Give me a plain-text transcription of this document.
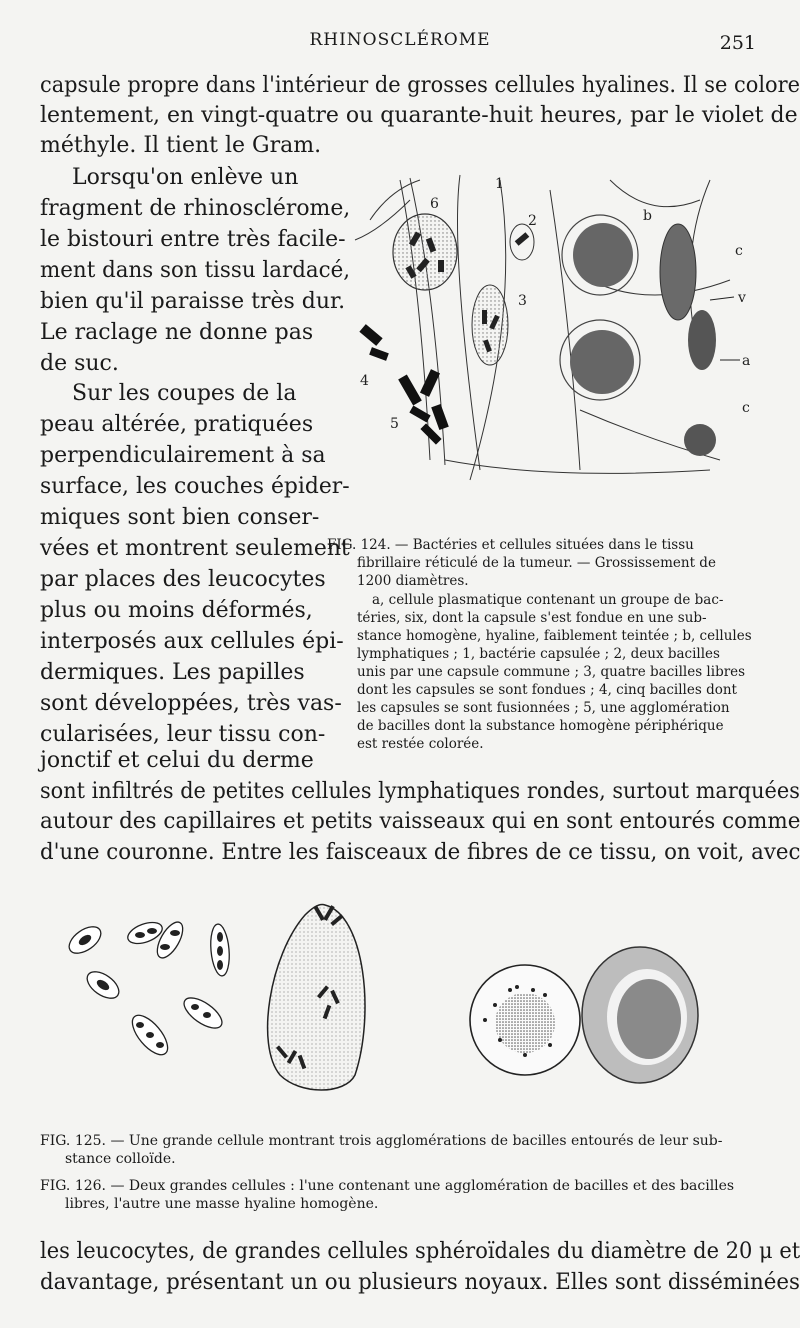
RHINOSCLÉROME	251

capsule propre dans l'intérieur de grosses cellules hyalines. Il se colore

lentement, en vingt-quatre ou quarante-huit heures, par le violet de

méthyle. Il tient le Gram.

Lorsqu'on enlève un

fragment de rhinosclérome,

le bistouri entre très facile-

ment dans son tissu lardacé,

bien qu'il paraisse très dur.

Le raclage ne donne pas

de suc.

Sur les coupes de la

peau altérée, pratiquées

perpendiculairement à sa

surface, les couches épider-

miques sont bien conser-

vées et montrent seulement

par places des leucocytes

plus ou moins déformés,

interposés aux cellules épi-

dermiques. Les papilles

sont développées, très vas-

cularisées, leur tissu con-

jonctif et celui du derme

6
1
2	b
3
4
5
c
v
a
c

FIG. 124. — Bactéries et cellules situées dans le tissu

fibrillaire réticulé de la tumeur. — Grossissement de

1200 diamètres.

a, cellule plasmatique contenant un groupe de bac-

téries, six, dont la capsule s'est fondue en une sub-

stance homogène, hyaline, faiblement teintée ; b, cellules

lymphatiques ; 1, bactérie capsulée ; 2, deux bacilles

unis par une capsule commune ; 3, quatre bacilles libres

dont les capsules se sont fondues ; 4, cinq bacilles dont

les capsules se sont fusionnées ; 5, une agglomération

de bacilles dont la substance homogène périphérique

est restée colorée.

sont infiltrés de petites cellules lymphatiques rondes, surtout marquées

autour des capillaires et petits vaisseaux qui en sont entourés comme

d'une couronne. Entre les faisceaux de fibres de ce tissu, on voit, avec

FIG. 125. — Une grande cellule montrant trois agglomérations de bacilles entourés de leur sub-

stance colloïde.

FIG. 126. — Deux grandes cellules : l'une contenant une agglomération de bacilles et des bacilles

libres, l'autre une masse hyaline homogène.

les leucocytes, de grandes cellules sphéroïdales du diamètre de 20 μ et

davantage, présentant un ou plusieurs noyaux. Elles sont disséminées
